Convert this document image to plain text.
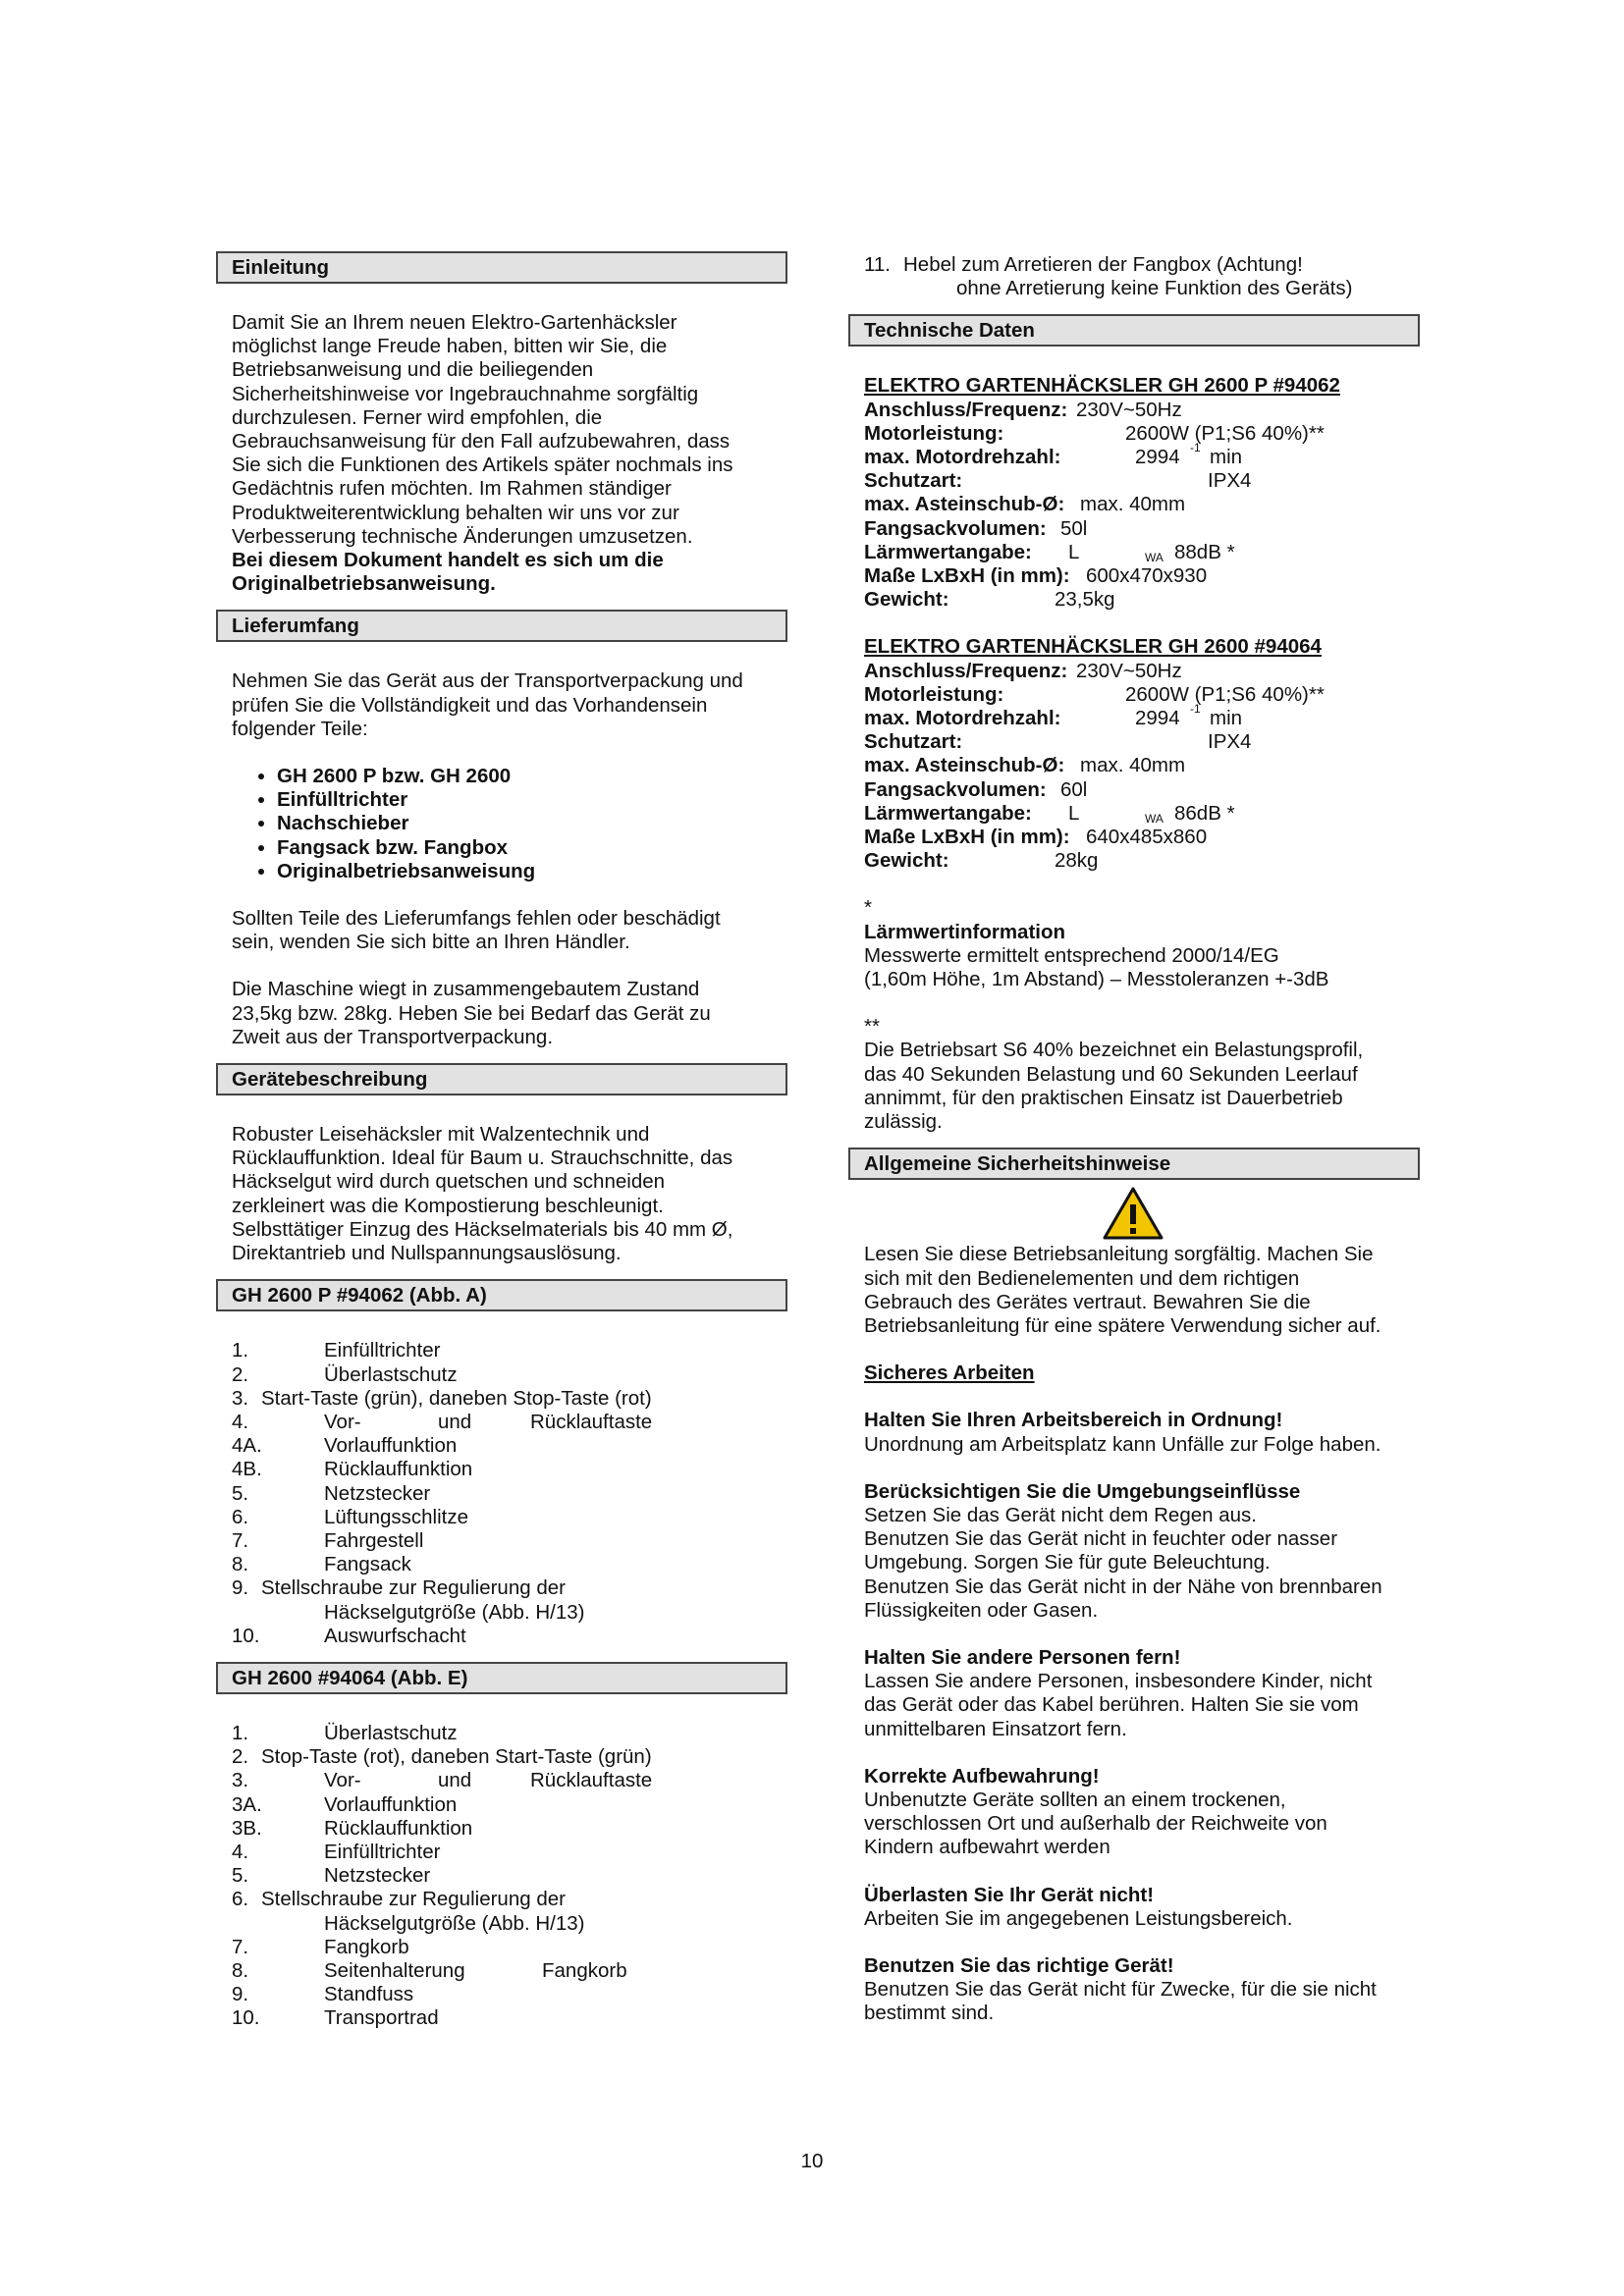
Einleitung

Damit Sie an Ihrem neuen Elektro-Gartenhäcksler

möglichst lange Freude haben, bitten wir Sie, die

Betriebsanweisung und die beiliegenden

Sicherheitshinweise vor Ingebrauchnahme sorgfältig

durchzulesen. Ferner wird empfohlen, die

Gebrauchsanweisung für den Fall aufzubewahren, dass

Sie sich die Funktionen des Artikels später nochmals ins

Gedächtnis rufen möchten. Im Rahmen ständiger

Produktweiterentwicklung behalten wir uns vor zur

Verbesserung technische Änderungen umzusetzen.

Bei diesem Dokument handelt es sich um die

Originalbetriebsanweisung.

Lieferumfang

Nehmen Sie das Gerät aus der Transportverpackung und

prüfen Sie die Vollständigkeit und das Vorhandensein

folgender Teile:

• GH 2600 P bzw. GH 2600
• Einfülltrichter
• Nachschieber
• Fangsack bzw. Fangbox
• Originalbetriebsanweisung

Sollten Teile des Lieferumfangs fehlen oder beschädigt

sein, wenden Sie sich bitte an Ihren Händler.

Die Maschine wiegt in zusammengebautem Zustand

23,5kg bzw. 28kg. Heben Sie bei Bedarf das Gerät zu

Zweit aus der Transportverpackung.

Gerätebeschreibung

Robuster Leisehäcksler mit Walzentechnik und

Rücklauffunktion. Ideal für Baum u. Strauchschnitte, das

Häckselgut wird durch quetschen und schneiden

zerkleinert was die Kompostierung beschleunigt.

Selbsttätiger Einzug des Häckselmaterials bis 40 mm Ø,

Direktantrieb und Nullspannungsauslösung.

GH 2600 P #94062 (Abb. A)
1.	Einfülltrichter
2.	Überlastschutz
3. Start-Taste (grün), daneben Stop-Taste (rot)
4.	Vor-	und	Rücklauftaste
4A.	Vorlauffunktion
4B.	Rücklauffunktion
5.	Netzstecker
6.	Lüftungsschlitze
7.	Fahrgestell
8.	Fangsack
9. Stellschraube zur Regulierung der
Häckselgutgröße (Abb. H/13)
10.	Auswurfschacht
GH 2600 #94064 (Abb. E)
1.	Überlastschutz
2. Stop-Taste (rot), daneben Start-Taste (grün)
3.	Vor-	und	Rücklauftaste
3A.	Vorlauffunktion
3B.	Rücklauffunktion
4.	Einfülltrichter
5.	Netzstecker
6. Stellschraube zur Regulierung der
Häckselgutgröße (Abb. H/13)
7.	Fangkorb
8.	Seitenhalterung	Fangkorb
9.	Standfuss
10.	Transportrad
11. Hebel zum Arretieren der Fangbox (Achtung!
ohne Arretierung keine Funktion des Geräts)
Technische Daten

ELEKTRO GARTENHÄCKSLER GH 2600 P #94062

Anschluss/Frequenz: 230V~50Hz
Motorleistung:	2600W (P1;S6 40%)**
max. Motordrehzahl:	2994 -1 min
Schutzart:	IPX4
max. Asteinschub-Ø: max. 40mm
Fangsackvolumen: 50l
Lärmwertangabe:	L	WA 88dB *
Maße LxBxH (in mm): 600x470x930
Gewicht:	23,5kg

ELEKTRO GARTENHÄCKSLER GH 2600 #94064

Anschluss/Frequenz: 230V~50Hz
Motorleistung:	2600W (P1;S6 40%)**
max. Motordrehzahl:	2994 -1 min
Schutzart:	IPX4
max. Asteinschub-Ø: max. 40mm
Fangsackvolumen: 60l
Lärmwertangabe:	L	WA 86dB *
Maße LxBxH (in mm): 640x485x860
Gewicht:	28kg

*

Lärmwertinformation

Messwerte ermittelt entsprechend 2000/14/EG

(1,60m Höhe, 1m Abstand) – Messtoleranzen +-3dB

**

Die Betriebsart S6 40% bezeichnet ein Belastungsprofil,

das 40 Sekunden Belastung und 60 Sekunden Leerlauf

annimmt, für den praktischen Einsatz ist Dauerbetrieb

zulässig.

Allgemeine Sicherheitshinweise

Lesen Sie diese Betriebsanleitung sorgfältig. Machen Sie

sich mit den Bedienelementen und dem richtigen

Gebrauch des Gerätes vertraut. Bewahren Sie die

Betriebsanleitung für eine spätere Verwendung sicher auf.

Sicheres Arbeiten

Halten Sie Ihren Arbeitsbereich in Ordnung!

Unordnung am Arbeitsplatz kann Unfälle zur Folge haben.

Berücksichtigen Sie die Umgebungseinflüsse

Setzen Sie das Gerät nicht dem Regen aus.

Benutzen Sie das Gerät nicht in feuchter oder nasser

Umgebung. Sorgen Sie für gute Beleuchtung.

Benutzen Sie das Gerät nicht in der Nähe von brennbaren

Flüssigkeiten oder Gasen.

Halten Sie andere Personen fern!

Lassen Sie andere Personen, insbesondere Kinder, nicht

das Gerät oder das Kabel berühren. Halten Sie sie vom

unmittelbaren Einsatzort fern.

Korrekte Aufbewahrung!

Unbenutzte Geräte sollten an einem trockenen,

verschlossen Ort und außerhalb der Reichweite von

Kindern aufbewahrt werden

Überlasten Sie Ihr Gerät nicht!

Arbeiten Sie im angegebenen Leistungsbereich.

Benutzen Sie das richtige Gerät!

Benutzen Sie das Gerät nicht für Zwecke, für die sie nicht

bestimmt sind.

10
